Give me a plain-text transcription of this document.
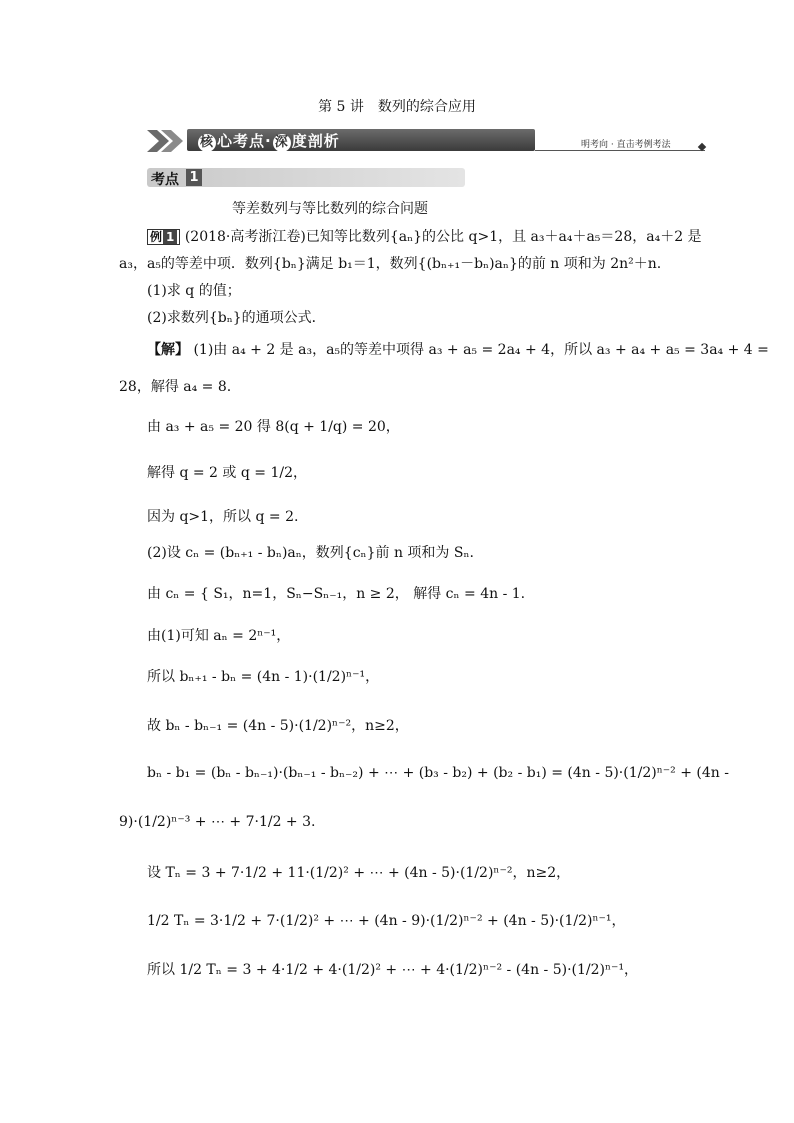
第 5 讲　数列的综合应用
核 心考点· 深 度剖析	明考向 · 直击考例考法
考点 1
等差数列与等比数列的综合问题
例 1 (2018·高考浙江卷)已知等比数列{aₙ}的公比 q>1，且 a₃＋a₄＋a₅＝28，a₄＋2 是
a₃，a₅的等差中项．数列{bₙ}满足 b₁＝1，数列{(bₙ₊₁－bₙ)aₙ}的前 n 项和为 2n²＋n.
(1)求 q 的值；
(2)求数列{bₙ}的通项公式．
【解】 (1)由 a₄ + 2 是 a₃，a₅的等差中项得 a₃ + a₅ = 2a₄ + 4，所以 a₃ + a₄ + a₅ = 3a₄ + 4 =
28，解得 a₄ = 8.
由 a₃ + a₅ = 20 得 8(q + 1/q) = 20，
解得 q = 2 或 q = 1/2，
因为 q>1，所以 q = 2.
(2)设 cₙ = (bₙ₊₁ - bₙ)aₙ，数列{cₙ}前 n 项和为 Sₙ.
由 cₙ = { S₁，n=1，Sₙ−Sₙ₋₁，n ≥ 2， 解得 cₙ = 4n - 1.
由(1)可知 aₙ = 2ⁿ⁻¹，
所以 bₙ₊₁ - bₙ = (4n - 1)·(1/2)ⁿ⁻¹，
故 bₙ - bₙ₋₁ = (4n - 5)·(1/2)ⁿ⁻²，n≥2，
bₙ - b₁ = (bₙ - bₙ₋₁)·(bₙ₋₁ - bₙ₋₂) + ⋯ + (b₃ - b₂) + (b₂ - b₁) = (4n - 5)·(1/2)ⁿ⁻² + (4n -
9)·(1/2)ⁿ⁻³ + ⋯ + 7·1/2 + 3.
设 Tₙ = 3 + 7·1/2 + 11·(1/2)² + ⋯ + (4n - 5)·(1/2)ⁿ⁻²，n≥2，
1/2 Tₙ = 3·1/2 + 7·(1/2)² + ⋯ + (4n - 9)·(1/2)ⁿ⁻² + (4n - 5)·(1/2)ⁿ⁻¹，
所以 1/2 Tₙ = 3 + 4·1/2 + 4·(1/2)² + ⋯ + 4·(1/2)ⁿ⁻² - (4n - 5)·(1/2)ⁿ⁻¹，
